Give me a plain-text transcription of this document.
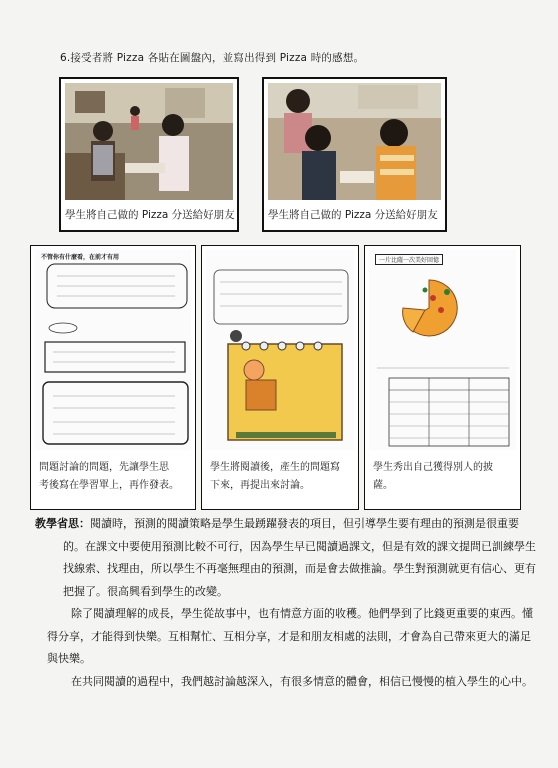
6.接受者將 Pizza 各貼在圖盤內，並寫出得到 Pizza 時的感想。
學生將自己做的 Pizza 分送給好朋友	學生將自己做的 Pizza 分送給好朋友
不管你有什麼看，在前才有用
問題討論的問題，先讓學生思
考後寫在學習單上，再作發表。
學生將閱讀後，產生的問題寫
下來，再提出來討論。
一片比薩一次美好回憶
學生秀出自己獲得別人的披
薩。

教學省思：閱讀時，預測的閱讀策略是學生最踴躍發表的項目，但引導學生要有理由的預測是很重要的。在課文中要使用預測比較不可行，因為學生早已閱讀過課文，但是有效的課文提問已訓練學生找線索、找理由，所以學生不再毫無理由的預測，而是會去做推論。學生對預測就更有信心、更有把握了。很高興看到學生的改變。

除了閱讀理解的成長，學生從故事中，也有情意方面的收穫。他們學到了比錢更重要的東西。懂得分享，才能得到快樂。互相幫忙、互相分享，才是和朋友相處的法則，才會為自己帶來更大的滿足與快樂。

在共同閱讀的過程中，我們越討論越深入，有很多情意的體會，相信已慢慢的植入學生的心中。
